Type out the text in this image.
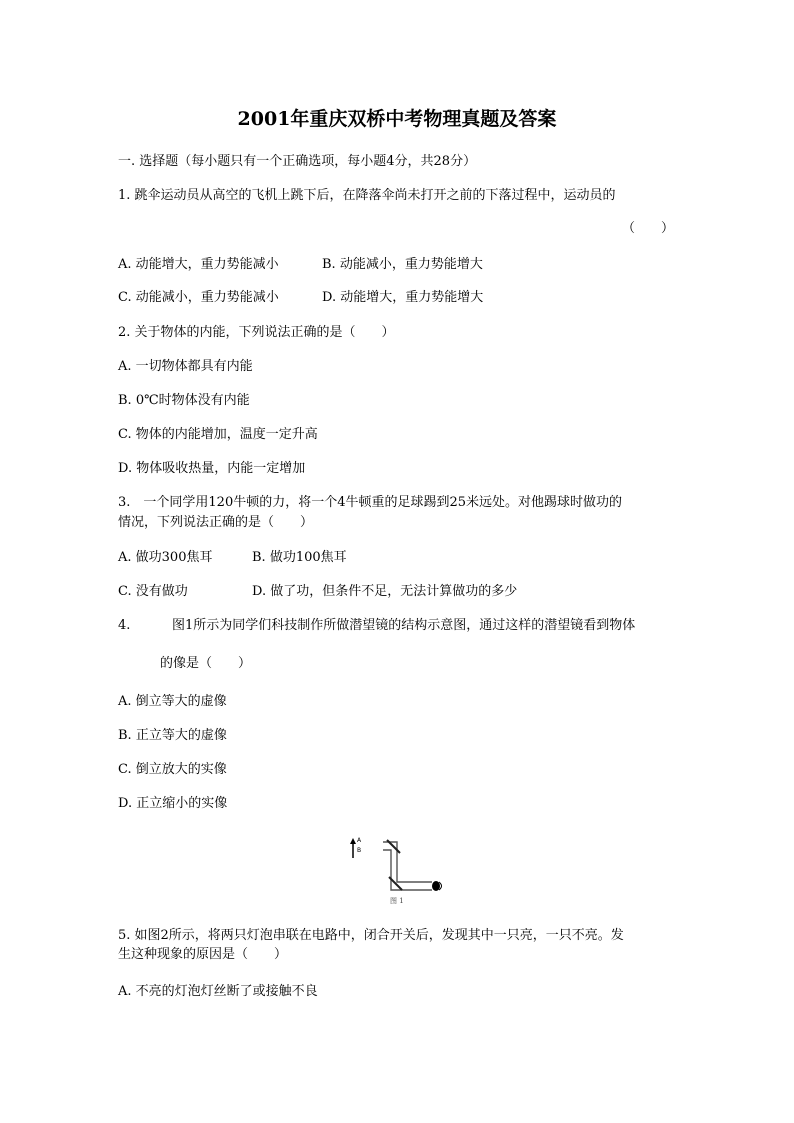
2001年重庆双桥中考物理真题及答案
一. 选择题（每小题只有一个正确选项，每小题4分，共28分）
1. 跳伞运动员从高空的飞机上跳下后，在降落伞尚未打开之前的下落过程中，运动员的
（　　）
A. 动能增大，重力势能减小	B. 动能减小，重力势能增大
C. 动能减小，重力势能减小	D. 动能增大，重力势能增大
2. 关于物体的内能，下列说法正确的是（　　）
A. 一切物体都具有内能
B. 0℃时物体没有内能
C. 物体的内能增加，温度一定升高
D. 物体吸收热量，内能一定增加
3.　一个同学用120牛顿的力，将一个4牛顿重的足球踢到25米远处。对他踢球时做功的
情况，下列说法正确的是（　　）
A. 做功300焦耳	B. 做功100焦耳
C. 没有做功	D. 做了功，但条件不足，无法计算做功的多少
4.	图1所示为同学们科技制作所做潜望镜的结构示意图，通过这样的潜望镜看到物体
的像是（　　）
A. 倒立等大的虚像
B. 正立等大的虚像
C. 倒立放大的实像
D. 正立缩小的实像
A
B
图 1
5. 如图2所示，将两只灯泡串联在电路中，闭合开关后，发现其中一只亮，一只不亮。发
生这种现象的原因是（　　）
A. 不亮的灯泡灯丝断了或接触不良
